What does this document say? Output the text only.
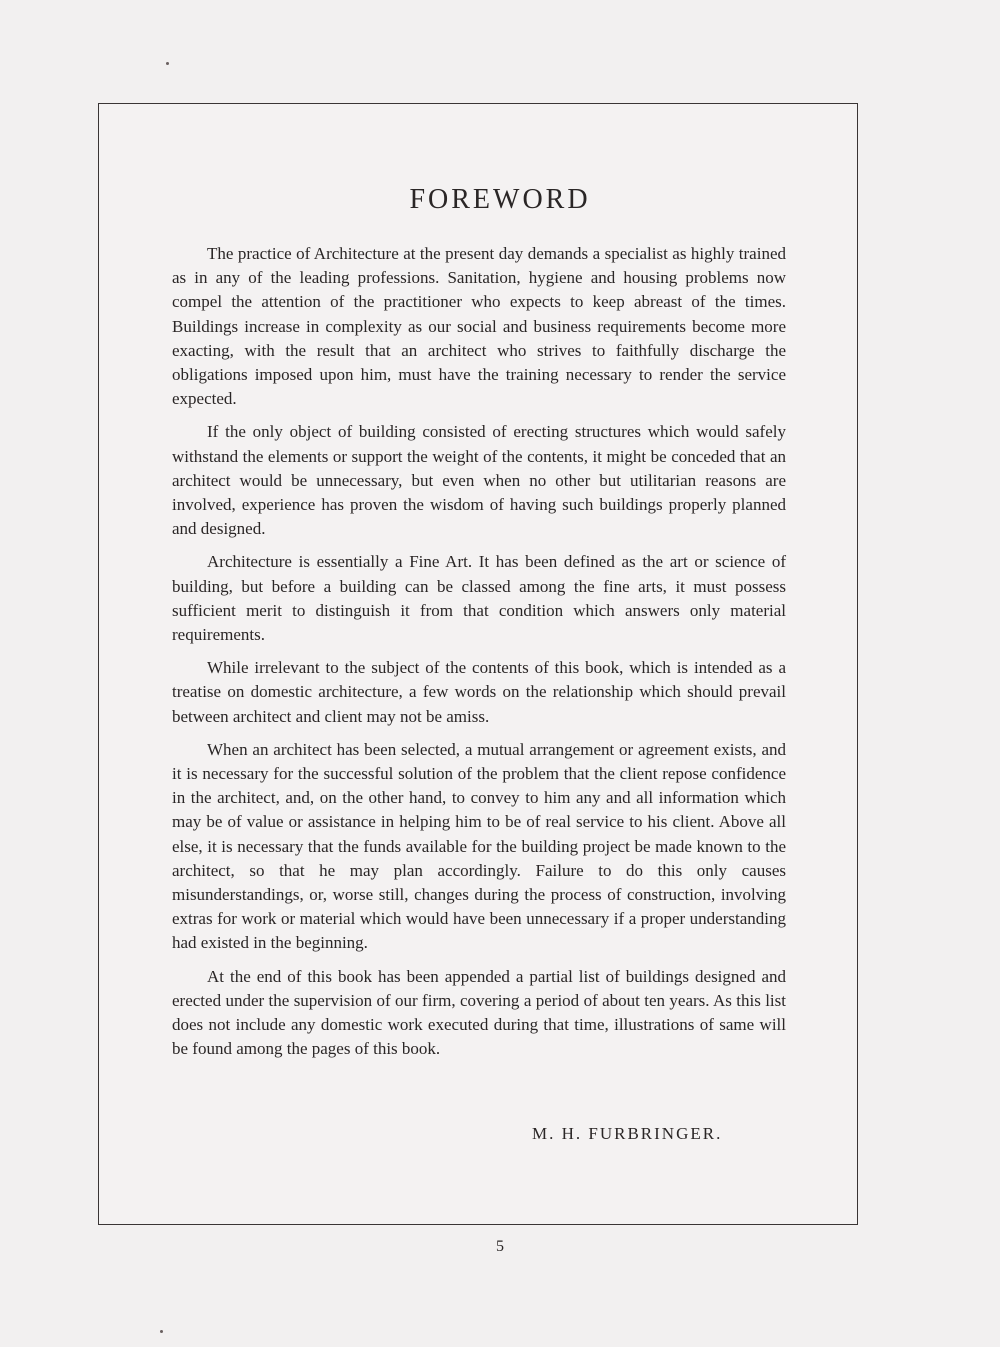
FOREWORD

The practice of Architecture at the present day demands a specialist as highly trained as in any of the leading professions. Sanitation, hygiene and housing problems now compel the attention of the practitioner who expects to keep abreast of the times. Buildings increase in complexity as our social and business requirements become more exacting, with the result that an architect who strives to faithfully discharge the obligations imposed upon him, must have the training necessary to render the service expected.

If the only object of building consisted of erecting structures which would safely withstand the elements or support the weight of the contents, it might be conceded that an architect would be unnecessary, but even when no other but utilitarian reasons are involved, experience has proven the wisdom of having such buildings properly planned and designed.

Architecture is essentially a Fine Art. It has been defined as the art or science of building, but before a building can be classed among the fine arts, it must possess sufficient merit to distinguish it from that condition which answers only material requirements.

While irrelevant to the subject of the contents of this book, which is intended as a treatise on domestic architecture, a few words on the relationship which should prevail between architect and client may not be amiss.

When an architect has been selected, a mutual arrangement or agreement exists, and it is necessary for the successful solution of the problem that the client repose confidence in the architect, and, on the other hand, to convey to him any and all information which may be of value or assistance in helping him to be of real service to his client. Above all else, it is necessary that the funds available for the building project be made known to the architect, so that he may plan accordingly. Failure to do this only causes misunderstandings, or, worse still, changes during the process of construction, involving extras for work or material which would have been unnecessary if a proper understanding had existed in the beginning.

At the end of this book has been appended a partial list of buildings designed and erected under the supervision of our firm, covering a period of about ten years. As this list does not include any domestic work executed during that time, illustrations of same will be found among the pages of this book.

M. H. FURBRINGER.
5
